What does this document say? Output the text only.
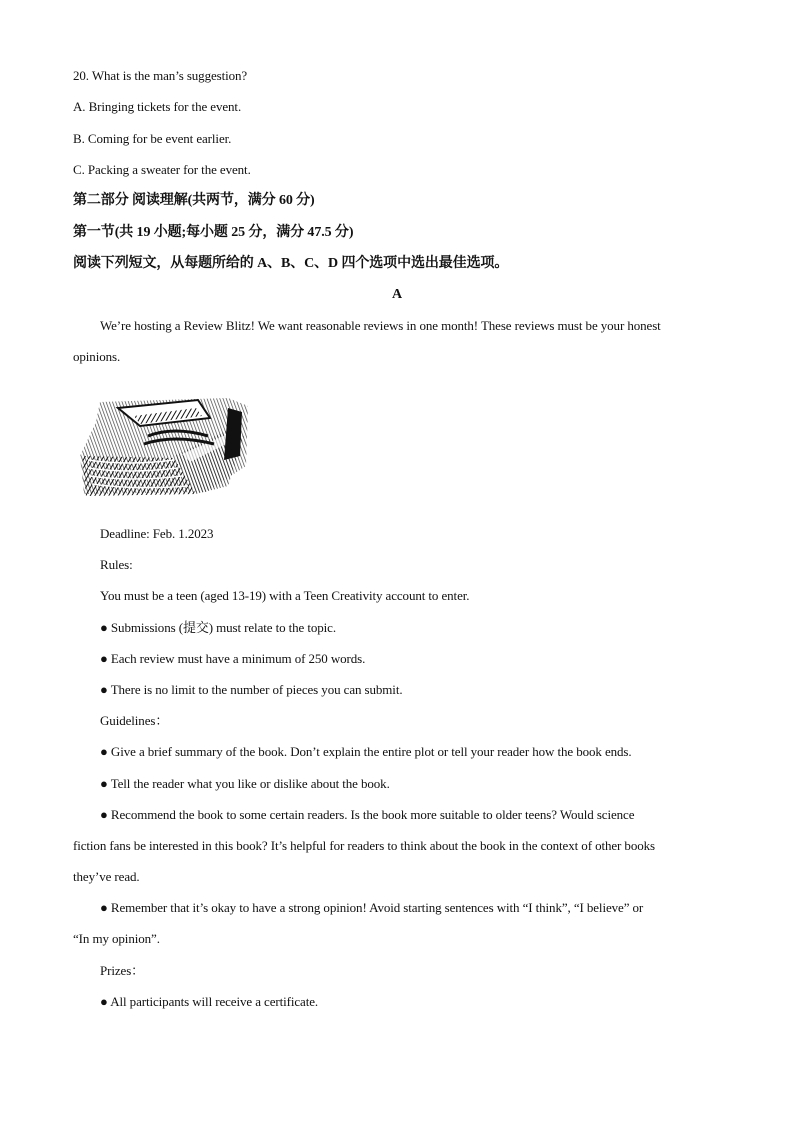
20. What is the man’s suggestion?
A. Bringing tickets for the event.
B. Coming for be event earlier.
C. Packing a sweater for the event.
第二部分 阅读理解(共两节，满分 60 分)
第一节(共 19 小题;每小题 25 分，满分 47.5 分)
阅读下列短文，从每题所给的 A、B、C、D 四个选项中选出最佳选项。
A
We’re hosting a Review Blitz! We want reasonable reviews in one month! These reviews must be your honest
opinions.
Deadline: Feb. 1.2023
Rules:
You must be a teen (aged 13-19) with a Teen Creativity account to enter.
● Submissions (提交) must relate to the topic.
● Each review must have a minimum of 250 words.
● There is no limit to the number of pieces you can submit.
Guidelines：
● Give a brief summary of the book. Don’t explain the entire plot or tell your reader how the book ends.
● Tell the reader what you like or dislike about the book.
● Recommend the book to some certain readers. Is the book more suitable to older teens? Would science
fiction fans be interested in this book? It’s helpful for readers to think about the book in the context of other books
they’ve read.
● Remember that it’s okay to have a strong opinion! Avoid starting sentences with “I think”, “I believe” or
“In my opinion”.
Prizes：
● All participants will receive a certificate.
